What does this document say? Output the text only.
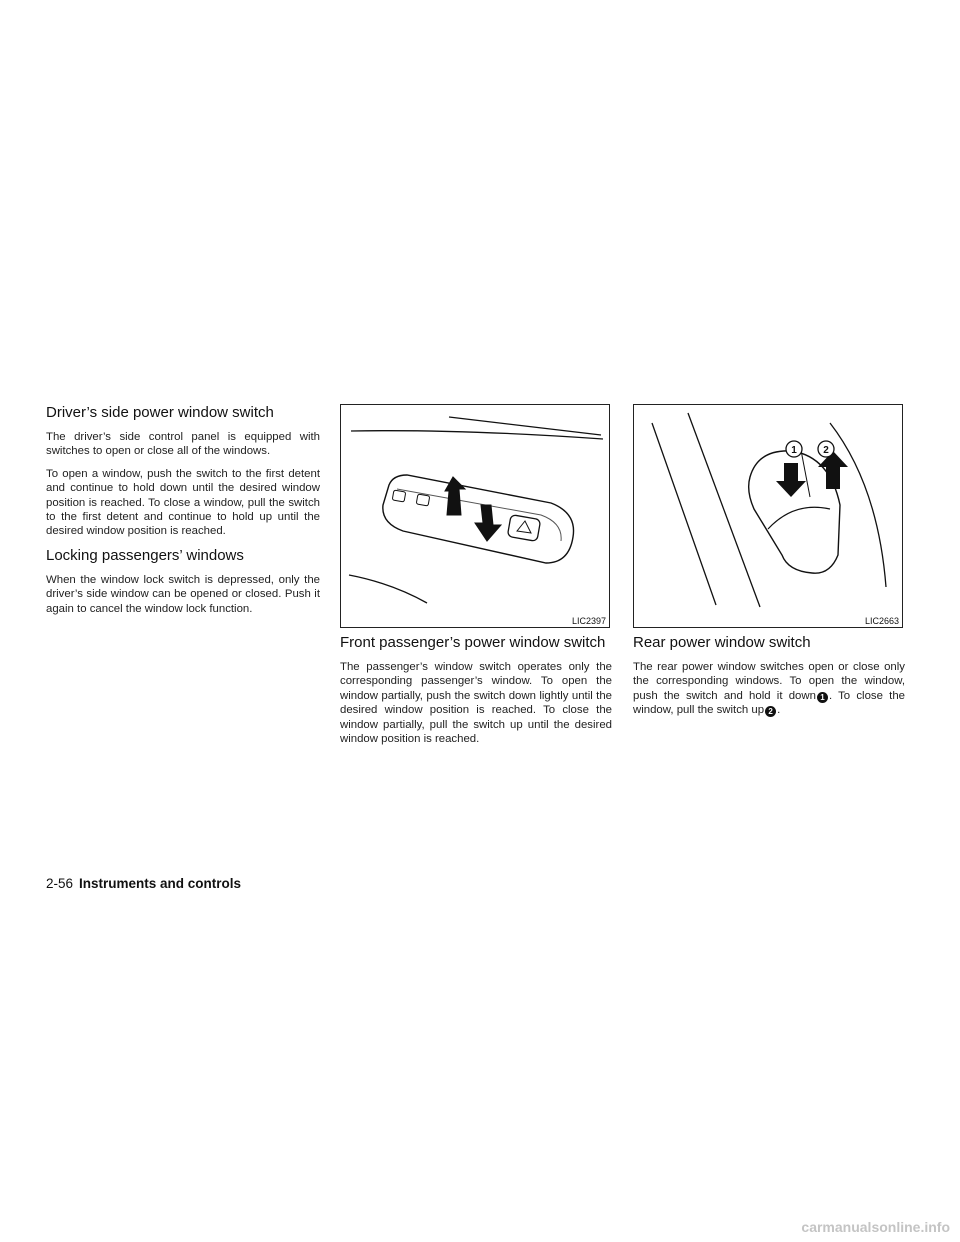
Driver’s side power window switch

The driver’s side control panel is equipped with switches to open or close all of the windows.

To open a window, push the switch to the first detent and continue to hold down until the desired window position is reached. To close a window, pull the switch to the first detent and continue to hold up until the desired window position is reached.

Locking passengers’ windows

When the window lock switch is depressed, only the driver’s side window can be opened or closed. Push it again to cancel the window lock function.

LIC2397
Front passenger’s power window switch

The passenger’s window switch operates only the corresponding passenger’s window. To open the window partially, push the switch down lightly until the desired window position is reached. To close the window partially, pull the switch up until the desired window position is reached.

1	2
LIC2663
Rear power window switch

The rear power window switches open or close only the corresponding windows. To open the window, push the switch and hold it down 1 . To close the window, pull the switch up 2 .

2-56 Instruments and controls
carmanualsonline.info
